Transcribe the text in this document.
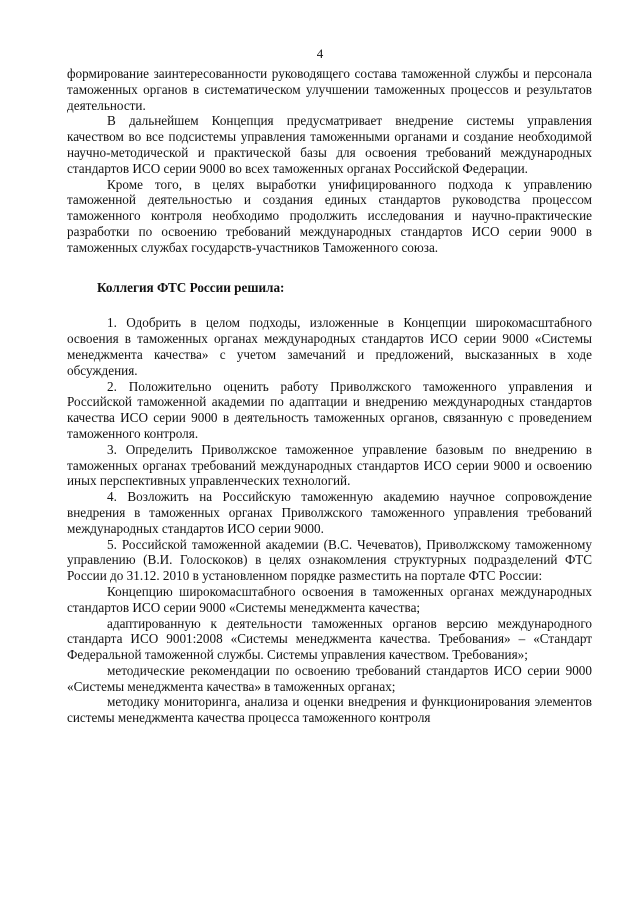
4

формирование заинтересованности руководящего состава таможенной службы и персонала таможенных органов в систематическом улучшении таможенных процессов и результатов деятельности.

В дальнейшем Концепция предусматривает внедрение системы управления качеством во все подсистемы управления таможенными органами и создание необходимой научно-методической и практической базы для освоения требований международных стандартов ИСО серии 9000 во всех таможенных органах Российской Федерации.

Кроме того, в целях выработки унифицированного подхода к управлению таможенной деятельностью и создания единых стандартов руководства процессом таможенного контроля необходимо продолжить исследования и научно-практические разработки по освоению требований международных стандартов ИСО серии 9000 в таможенных службах государств-участников Таможенного союза.

Коллегия ФТС России решила:

1. Одобрить в целом подходы, изложенные в Концепции широкомасштабного освоения в таможенных органах международных стандартов ИСО серии 9000 «Системы менеджмента качества» с учетом замечаний и предложений, высказанных в ходе обсуждения.

2. Положительно оценить работу Приволжского таможенного управления и Российской таможенной академии по адаптации и внедрению международных стандартов качества ИСО серии 9000 в деятельность таможенных органов, связанную с проведением таможенного контроля.

3. Определить Приволжское таможенное управление базовым по внедрению в таможенных органах требований международных стандартов ИСО серии 9000 и освоению иных перспективных управленческих технологий.

4. Возложить на Российскую таможенную академию научное сопровождение внедрения в таможенных органах Приволжского таможенного управления требований международных стандартов ИСО серии 9000.

5. Российской таможенной академии (В.С. Чечеватов), Приволжскому таможенному управлению (В.И. Голоскоков) в целях ознакомления структурных подразделений ФТС России до 31.12. 2010 в установленном порядке разместить на портале ФТС России:

Концепцию широкомасштабного освоения в таможенных органах международных стандартов ИСО серии 9000 «Системы менеджмента качества;

адаптированную к деятельности таможенных органов версию международного стандарта ИСО 9001:2008 «Системы менеджмента качества. Требования» – «Стандарт Федеральной таможенной службы. Системы управления качеством. Требования»;

методические рекомендации по освоению требований стандартов ИСО серии 9000 «Системы менеджмента качества» в таможенных органах;

методику мониторинга, анализа и оценки внедрения и функционирования элементов системы менеджмента качества процесса таможенного контроля
